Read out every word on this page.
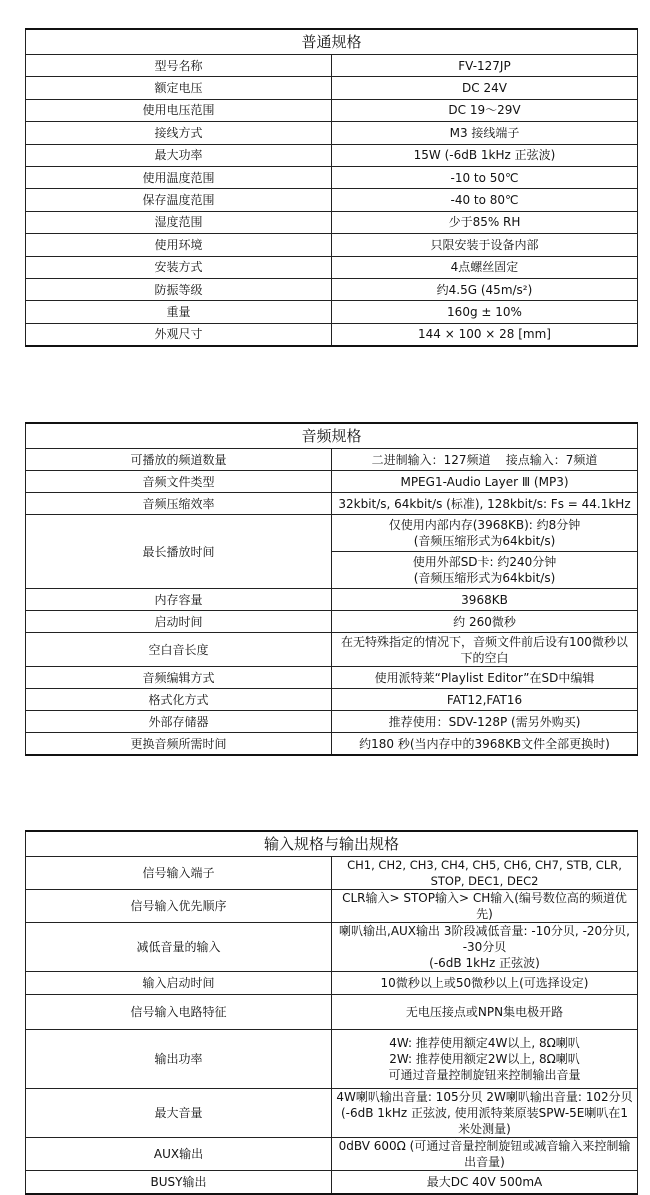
普通规格	
型号名称	FV-127JP
额定电压	DC 24V
使用电压范围	DC 19～29V
接线方式	M3 接线端子
最大功率	15W (-6dB 1kHz 正弦波)
使用温度范围	-10 to 50℃
保存温度范围	-40 to 80℃
湿度范围	少于85% RH
使用环境	只限安装于设备内部
安装方式	4点螺丝固定
防振等级	约4.5G (45m/s²)
重量	160g ± 10%
外观尺寸	144 × 100 × 28 [mm]
音频规格	
可播放的频道数量	二进制输入：127频道    接点输入：7频道
音频文件类型	MPEG1-Audio Layer Ⅲ (MP3)
音频压缩效率	32kbit/s, 64kbit/s (标准), 128kbit/s: Fs = 44.1kHz
最长播放时间	仅使用内部内存(3968KB): 约8分钟
(音频压缩形式为64kbit/s)
	使用外部SD卡: 约240分钟
(音频压缩形式为64kbit/s)
内存容量	3968KB
启动时间	约 260微秒
空白音长度	在无特殊指定的情况下，音频文件前后设有100微秒以下的空白
音频编辑方式	使用派特莱“Playlist Editor”在SD中编辑
格式化方式	FAT12,FAT16
外部存储器	推荐使用：SDV-128P (需另外购买)
更换音频所需时间	约180 秒(当内存中的3968KB文件全部更换时)
输入规格与输出规格	
信号输入端子	CH1, CH2, CH3, CH4, CH5, CH6, CH7, STB, CLR, STOP, DEC1, DEC2
信号输入优先顺序	CLR输入> STOP输入> CH输入(编号数位高的频道优先)
减低音量的输入	喇叭输出,AUX输出 3阶段减低音量: -10分贝, -20分贝, -30分贝
(-6dB 1kHz 正弦波)
输入启动时间	10微秒以上或50微秒以上(可选择设定)
信号输入电路特征	无电压接点或NPN集电极开路
输出功率	4W: 推荐使用额定4W以上, 8Ω喇叭
2W: 推荐使用额定2W以上, 8Ω喇叭
可通过音量控制旋钮来控制输出音量
最大音量	4W喇叭输出音量: 105分贝 2W喇叭输出音量: 102分贝
(-6dB 1kHz 正弦波, 使用派特莱原装SPW-5E喇叭在1米处测量)
AUX输出	0dBV 600Ω (可通过音量控制旋钮或减音输入来控制输出音量)
BUSY输出	最大DC 40V 500mA
